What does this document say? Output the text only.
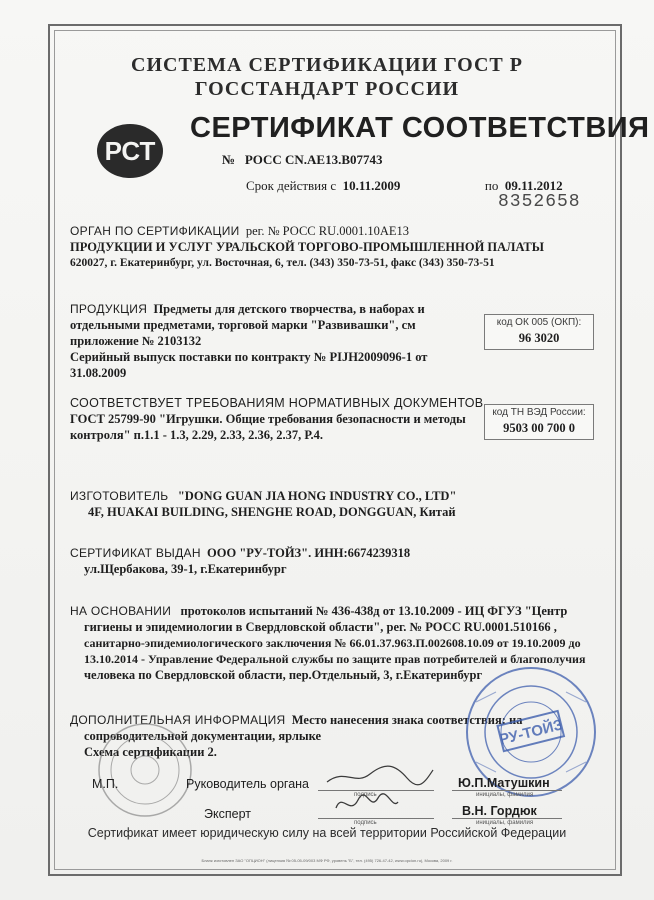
СИСТЕМА СЕРТИФИКАЦИИ ГОСТ Р
ГОССТАНДАРТ РОССИИ
РСТ
СЕРТИФИКАТ СООТВЕТСТВИЯ
№ РОСС CN.AE13.B07743
Срок действия с 10.11.2009	по 09.11.2012
8352658
ОРГАН ПО СЕРТИФИКАЦИИ рег. № РОСС RU.0001.10AE13
ПРОДУКЦИИ И УСЛУГ УРАЛЬСКОЙ ТОРГОВО-ПРОМЫШЛЕННОЙ ПАЛАТЫ
620027, г. Екатеринбург, ул. Восточная, 6, тел. (343) 350-73-51, факс (343) 350-73-51
ПРОДУКЦИЯ Предметы для детского творчества, в наборах и
отдельными предметами, торговой марки "Развивашки", см
приложение № 2103132
Серийный выпуск поставки по контракту № PIJH2009096-1 от
31.08.2009
код ОК 005 (ОКП):
96 3020
СООТВЕТСТВУЕТ ТРЕБОВАНИЯМ НОРМАТИВНЫХ ДОКУМЕНТОВ
ГОСТ 25799-90 "Игрушки. Общие требования безопасности и методы
контроля" п.1.1 - 1.3, 2.29, 2.33, 2.36, 2.37, Р.4.
код ТН ВЭД России:
9503 00 700 0
ИЗГОТОВИТЕЛЬ "DONG GUAN JIA HONG INDUSTRY CO., LTD"
4F, HUAKAI BUILDING, SHENGHE ROAD, DONGGUAN, Китай
СЕРТИФИКАТ ВЫДАН ООО "РУ-ТОЙЗ". ИНН:6674239318
ул.Щербакова, 39-1, г.Екатеринбург
НА ОСНОВАНИИ протоколов испытаний № 436-438д от 13.10.2009 - ИЦ ФГУЗ "Центр
гигиены и эпидемиологии в Свердловской области", рег. № РОСС RU.0001.510166 ,
санитарно-эпидемиологического заключения № 66.01.37.963.П.002608.10.09 от 19.10.2009 до
13.10.2014 - Управление Федеральной службы по защите прав потребителей и благополучия
человека по Свердловской области, пер.Отдельный, 3, г.Екатеринбург
ДОПОЛНИТЕЛЬНАЯ ИНФОРМАЦИЯ Место нанесения знака соответствия: на
сопроводительной документации, ярлыке
Схема сертификации 2.
РУ-ТОЙЗ
М.П.	Руководитель органа
подпись
Ю.П.Матушкин
инициалы, фамилия
Эксперт
подпись
В.Н. Гордюк
инициалы, фамилия
Сертификат имеет юридическую силу на всей территории Российской Федерации
Бланк изготовлен ЗАО "ОПЦИОН" (лицензия № 05-05-09/003 МФ РФ, уровень "Б", тел. (495) 726-47-42, www.opcion.ru), Москва, 2009 г.
